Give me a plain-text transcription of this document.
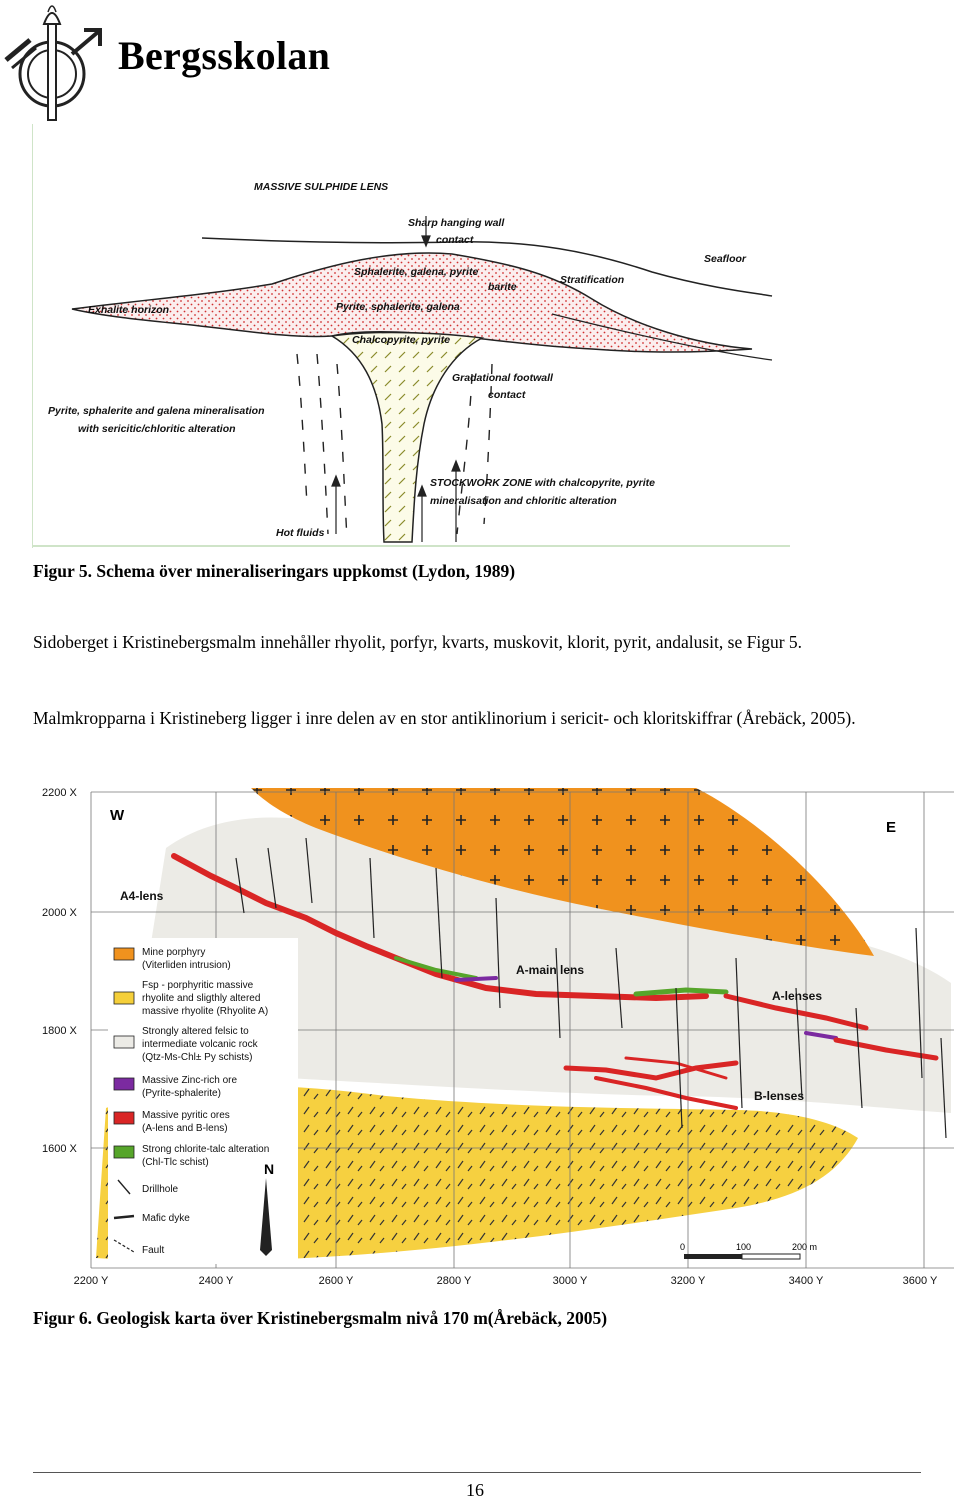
Bergsskolan
MASSIVE SULPHIDE LENS
Sharp hanging wall
contact
Seafloor
Sphalerite, galena, pyrite
barite
Stratification
Exhalite horizon	Pyrite, sphalerite, galena
Chalcopyrite, pyrite
Gradational footwall
contact
Pyrite, sphalerite and galena mineralisation
with sericitic/chloritic alteration
STOCKWORK ZONE with chalcopyrite, pyrite
mineralisation and chloritic alteration
Hot fluids
Figur 5. Schema över mineraliseringars uppkomst (Lydon, 1989)
Sidoberget i Kristinebergsmalm innehåller rhyolit, porfyr, kvarts, muskovit, klorit, pyrit, andalusit, se Figur 5.
Malmkropparna i Kristineberg ligger i inre delen av en stor antiklinorium i sericit- och kloritskiffrar (Årebäck, 2005).
Mine porphyry
(Viterliden intrusion)
Fsp - porphyritic massive
rhyolite and sligthly altered
massive rhyolite (Rhyolite A)
Strongly altered felsic to
intermediate volcanic rock
(Qtz-Ms-Chl± Py schists)
Massive Zinc-rich ore
(Pyrite-sphalerite)
Massive pyritic ores
(A-lens and B-lens)
Strong chlorite-talc alteration
(Chl-Tlc schist)
Drillhole
Mafic dyke
Fault
N
A4-lens
A-main lens
A-lenses
B-lenses
W
E
2200 X
2000 X
1800 X
1600 X
2200 Y	2400 Y	2600 Y	2800 Y	3000 Y	3200 Y	3400 Y	3600 Y
0	100	200 m
Figur 6. Geologisk karta över Kristinebergsmalm nivå 170 m(Årebäck, 2005)
16
